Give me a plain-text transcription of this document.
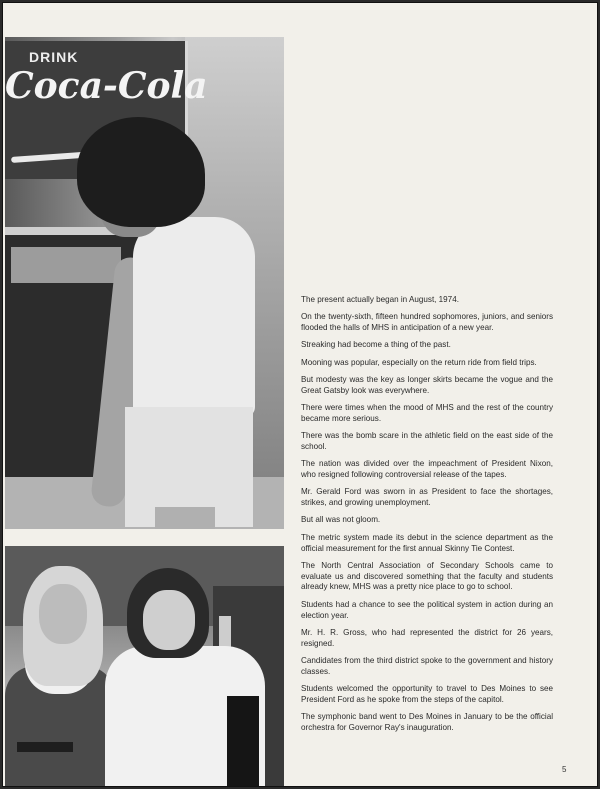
DRINK
Coca-Cola

The present actually began in August, 1974.

On the twenty-sixth, fifteen hundred sophomores, juniors, and seniors flooded the halls of MHS in anticipation of a new year.

Streaking had become a thing of the past.

Mooning was popular, especially on the return ride from field trips.

But modesty was the key as longer skirts became the vogue and the Great Gatsby look was everywhere.

There were times when the mood of MHS and the rest of the country became more serious.

There was the bomb scare in the athletic field on the east side of the school.

The nation was divided over the impeachment of President Nixon, who resigned following controversial release of the tapes.

Mr. Gerald Ford was sworn in as President to face the shortages, strikes, and growing unemployment.

But all was not gloom.

The metric system made its debut in the science department as the official measurement for the first annual Skinny Tie Contest.

The North Central Association of Secondary Schools came to evaluate us and discovered something that the faculty and students already knew, MHS was a pretty nice place to go to school.

Students had a chance to see the political system in action during an election year.

Mr. H. R. Gross, who had represented the district for 26 years, resigned.

Candidates from the third district spoke to the government and history classes.

Students welcomed the opportunity to travel to Des Moines to see President Ford as he spoke from the steps of the capitol.

The symphonic band went to Des Moines in January to be the official orchestra for Governor Ray's inauguration.

5
